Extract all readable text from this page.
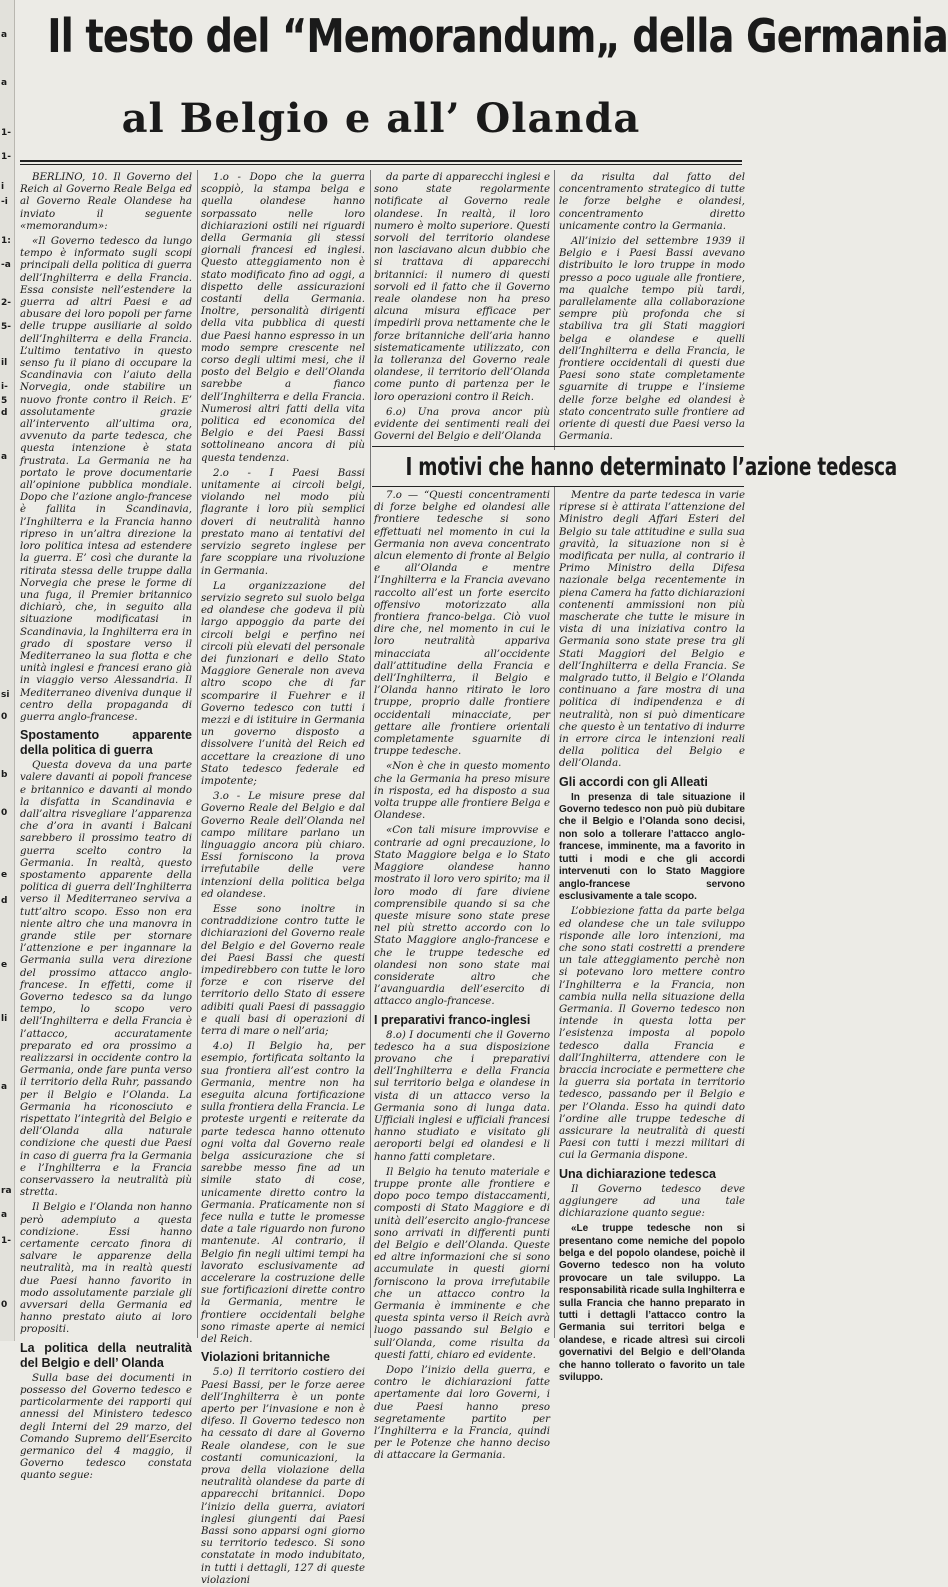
a
a
1-
1-
i
-i
1:
-a
2-
5-
il
i-
5
d
a
si
0
b
0
e
d
e
li
a
ra
a
1-
0
Il testo del “Memorandum„ della Germania
al Belgio e all’ Olanda

BERLINO, 10. Il Governo del Reich al Governo Reale Belga ed al Governo Reale Olandese ha inviato il seguente «memorandum»:

«Il Governo tedesco da lungo tempo è informato sugli scopi principali della politica di guerra dell’Inghilterra e della Francia. Essa consiste nell’estendere la guerra ad altri Paesi e ad abusare dei loro popoli per farne delle truppe ausiliarie al soldo dell’Inghilterra e della Francia. L’ultimo tentativo in questo senso fu il piano di occupare la Scandinavia con l’aiuto della Norvegia, onde stabilire un nuovo fronte contro il Reich. E’ assolutamente grazie all’intervento all’ultima ora, avvenuto da parte tedesca, che questa intenzione è stata frustrata. La Germania ne ha portato le prove documentarie all’opinione pubblica mondiale. Dopo che l’azione anglo-francese è fallita in Scandinavia, l’Inghilterra e la Francia hanno ripreso in un’altra direzione la loro politica intesa ad estendere la guerra. E’ così che durante la ritirata stessa delle truppe dalla Norvegia che prese le forme di una fuga, il Premier britannico dichiarò, che, in seguito alla situazione modificatasi in Scandinavia, la Inghilterra era in grado di spostare verso il Mediterraneo la sua flotta e che unità inglesi e francesi erano già in viaggio verso Alessandria. Il Mediterraneo diveniva dunque il centro della propaganda di guerra anglo-francese.

Spostamento apparente della politica di guerra

Questa doveva da una parte valere davanti ai popoli francese e britannico e davanti al mondo la disfatta in Scandinavia e dall’altra risvegliare l’apparenza che d’ora in avanti i Balcani sarebbero il prossimo teatro di guerra scelto contro la Germania. In realtà, questo spostamento apparente della politica di guerra dell’Inghilterra verso il Mediterraneo serviva a tutt’altro scopo. Esso non era niente altro che una manovra in grande stile per stornare l’attenzione e per ingannare la Germania sulla vera direzione del prossimo attacco anglo-francese. In effetti, come il Governo tedesco sa da lungo tempo, lo scopo vero dell’Inghilterra e della Francia è l’attacco, accuratamente preparato ed ora prossimo a realizzarsi in occidente contro la Germania, onde fare punta verso il territorio della Ruhr, passando per il Belgio e l’Olanda. La Germania ha riconosciuto e rispettato l’integrità del Belgio e dell’Olanda alla naturale condizione che questi due Paesi in caso di guerra fra la Germania e l’Inghilterra e la Francia conservassero la neutralità più stretta.

Il Belgio e l’Olanda non hanno però adempiuto a questa condizione. Essi hanno certamente cercato finora di salvare le apparenze della neutralità, ma in realtà questi due Paesi hanno favorito in modo assolutamente parziale gli avversari della Germania ed hanno prestato aiuto ai loro propositi.

La politica della neutralità del Belgio e dell’ Olanda

Sulla base dei documenti in possesso del Governo tedesco e particolarmente dei rapporti qui annessi del Ministero tedesco degli Interni del 29 marzo, del Comando Supremo dell’Esercito germanico del 4 maggio, il Governo tedesco constata quanto segue:

1.o - Dopo che la guerra scoppiò, la stampa belga e quella olandese hanno sorpassato nelle loro dichiarazioni ostili nei riguardi della Germania gli stessi giornali francesi ed inglesi. Questo atteggiamento non è stato modificato fino ad oggi, a dispetto delle assicurazioni costanti della Germania. Inoltre, personalità dirigenti della vita pubblica di questi due Paesi hanno espresso in un modo sempre crescente nel corso degli ultimi mesi, che il posto del Belgio e dell’Olanda sarebbe a fianco dell’Inghilterra e della Francia. Numerosi altri fatti della vita politica ed economica del Belgio e dei Paesi Bassi sottolineano ancora di più questa tendenza.

2.o - I Paesi Bassi unitamente ai circoli belgi, violando nel modo più flagrante i loro più semplici doveri di neutralità hanno prestato mano ai tentativi del servizio segreto inglese per fare scoppiare una rivoluzione in Germania.

La organizzazione del servizio segreto sul suolo belga ed olandese che godeva il più largo appoggio da parte dei circoli belgi e perfino nei circoli più elevati del personale dei funzionari e dello Stato Maggiore Generale non aveva altro scopo che di far scomparire il Fuehrer e il Governo tedesco con tutti i mezzi e di istituire in Germania un governo disposto a dissolvere l’unità del Reich ed accettare la creazione di uno Stato tedesco federale ed impotente;

3.o - Le misure prese dal Governo Reale del Belgio e dal Governo Reale dell’Olanda nel campo militare parlano un linguaggio ancora più chiaro. Essi forniscono la prova irrefutabile delle vere intenzioni della politica belga ed olandese.

Esse sono inoltre in contraddizione contro tutte le dichiarazioni del Governo reale del Belgio e del Governo reale dei Paesi Bassi che questi impedirebbero con tutte le loro forze e con riserve del territorio dello Stato di essere adibiti quali Paesi di passaggio e quali basi di operazioni di terra di mare o nell’aria;

4.o) Il Belgio ha, per esempio, fortificata soltanto la sua frontiera all’est contro la Germania, mentre non ha eseguita alcuna fortificazione sulla frontiera della Francia. Le proteste urgenti e reiterate da parte tedesca hanno ottenuto ogni volta dal Governo reale belga assicurazione che si sarebbe messo fine ad un simile stato di cose, unicamente diretto contro la Germania. Praticamente non si fece nulla e tutte le promesse date a tale riguardo non furono mantenute. Al contrario, il Belgio fin negli ultimi tempi ha lavorato esclusivamente ad accelerare la costruzione delle sue fortificazioni dirette contro la Germania, mentre le frontiere occidentali belghe sono rimaste aperte ai nemici del Reich.

Violazioni britanniche

5.o) Il territorio costiero dei Paesi Bassi, per le forze aeree dell’Inghilterra è un ponte aperto per l’invasione e non è difeso. Il Governo tedesco non ha cessato di dare al Governo Reale olandese, con le sue costanti comunicazioni, la prova della violazione della neutralità olandese da parte di apparecchi britannici. Dopo l’inizio della guerra, aviatori inglesi giungenti dai Paesi Bassi sono apparsi ogni giorno su territorio tedesco. Si sono constatate in modo indubitato, in tutti i dettagli, 127 di queste violazioni

da parte di apparecchi inglesi e sono state regolarmente notificate al Governo reale olandese. In realtà, il loro numero è molto superiore. Questi sorvoli del territorio olandese non lasciavano alcun dubbio che si trattava di apparecchi britannici: il numero di questi sorvoli ed il fatto che il Governo reale olandese non ha preso alcuna misura efficace per impedirli prova nettamente che le forze britanniche dell’aria hanno sistematicamente utilizzato, con la tolleranza del Governo reale olandese, il territorio dell’Olanda come punto di partenza per le loro operazioni contro il Reich.

6.o) Una prova ancor più evidente dei sentimenti reali dei Governi del Belgio e dell’Olanda

da risulta dal fatto del concentramento strategico di tutte le forze belghe e olandesi, concentramento diretto unicamente contro la Germania.

All’inizio del settembre 1939 il Belgio e i Paesi Bassi avevano distribuito le loro truppe in modo presso a poco uguale alle frontiere, ma qualche tempo più tardi, parallelamente alla collaborazione sempre più profonda che si stabiliva tra gli Stati maggiori belga e olandese e quelli dell’Inghilterra e della Francia, le frontiere occidentali di questi due Paesi sono state completamente sguarnite di truppe e l’insieme delle forze belghe ed olandesi è stato concentrato sulle frontiere ad oriente di questi due Paesi verso la Germania.

I motivi che hanno determinato l’azione tedesca

7.o — “Questi concentramenti di forze belghe ed olandesi alle frontiere tedesche si sono effettuati nel momento in cui la Germania non aveva concentrato alcun elemento di fronte al Belgio e all’Olanda e mentre l’Inghilterra e la Francia avevano raccolto all’est un forte esercito offensivo motorizzato alla frontiera franco-belga. Ciò vuol dire che, nel momento in cui le loro neutralità appariva minacciata all’occidente dall’attitudine della Francia e dell’Inghilterra, il Belgio e l’Olanda hanno ritirato le loro truppe, proprio dalle frontiere occidentali minacciate, per gettare alle frontiere orientali completamente sguarnite di truppe tedesche.

«Non è che in questo momento che la Germania ha preso misure in risposta, ed ha disposto a sua volta truppe alle frontiere Belga e Olandese.

«Con tali misure improvvise e contrarie ad ogni precauzione, lo Stato Maggiore belga e lo Stato Maggiore olandese hanno mostrato il loro vero spirito; ma il loro modo di fare diviene comprensibile quando si sa che queste misure sono state prese nel più stretto accordo con lo Stato Maggiore anglo-francese e che le truppe tedesche ed olandesi non sono state mai considerate altro che l’avanguardia dell’esercito di attacco anglo-francese.

I preparativi franco-inglesi

8.o) I documenti che il Governo tedesco ha a sua disposizione provano che i preparativi dell’Inghilterra e della Francia sul territorio belga e olandese in vista di un attacco verso la Germania sono di lunga data. Ufficiali inglesi e ufficiali francesi hanno studiato e visitato gli aeroporti belgi ed olandesi e li hanno fatti completare.

Il Belgio ha tenuto materiale e truppe pronte alle frontiere e dopo poco tempo distaccamenti, composti di Stato Maggiore e di unità dell’esercito anglo-francese sono arrivati in differenti punti del Belgio e dell’Olanda. Queste ed altre informazioni che si sono accumulate in questi giorni forniscono la prova irrefutabile che un attacco contro la Germania è imminente e che questa spinta verso il Reich avrà luogo passando sul Belgio e sull’Olanda, come risulta da questi fatti, chiaro ed evidente.

Dopo l’inizio della guerra, e contro le dichiarazioni fatte apertamente dai loro Governi, i due Paesi hanno preso segretamente partito per l’Inghilterra e la Francia, quindi per le Potenze che hanno deciso di attaccare la Germania.

Mentre da parte tedesca in varie riprese si è attirata l’attenzione del Ministro degli Affari Esteri del Belgio su tale attitudine e sulla sua gravità, la situazione non si è modificata per nulla, al contrario il Primo Ministro della Difesa nazionale belga recentemente in piena Camera ha fatto dichiarazioni contenenti ammissioni non più mascherate che tutte le misure in vista di una iniziativa contro la Germania sono state prese tra gli Stati Maggiori del Belgio e dell’Inghilterra e della Francia. Se malgrado tutto, il Belgio e l’Olanda continuano a fare mostra di una politica di indipendenza e di neutralità, non si può dimenticare che questo è un tentativo di indurre in errore circa le intenzioni reali della politica del Belgio e dell’Olanda.

Gli accordi con gli Alleati

In presenza di tale situazione il Governo tedesco non può più dubitare che il Belgio e l’Olanda sono decisi, non solo a tollerare l’attacco anglo-francese, imminente, ma a favorito in tutti i modi e che gli accordi intervenuti con lo Stato Maggiore anglo-francese servono esclusivamente a tale scopo.

L’obbiezione fatta da parte belga ed olandese che un tale sviluppo risponde alle loro intenzioni, ma che sono stati costretti a prendere un tale atteggiamento perchè non si potevano loro mettere contro l’Inghilterra e la Francia, non cambia nulla nella situazione della Germania. Il Governo tedesco non intende in questa lotta per l’esistenza imposta al popolo tedesco dalla Francia e dall’Inghilterra, attendere con le braccia incrociate e permettere che la guerra sia portata in territorio tedesco, passando per il Belgio e per l’Olanda. Esso ha quindi dato l’ordine alle truppe tedesche di assicurare la neutralità di questi Paesi con tutti i mezzi militari di cui la Germania dispone.

Una dichiarazione tedesca

Il Governo tedesco deve aggiungere ad una tale dichiarazione quanto segue:

«Le truppe tedesche non si presentano come nemiche del popolo belga e del popolo olandese, poichè il Governo tedesco non ha voluto provocare un tale sviluppo. La responsabilità ricade sulla Inghilterra e sulla Francia che hanno preparato in tutti i dettagli l’attacco contro la Germania sui territori belga e olandese, e ricade altresì sui circoli governativi del Belgio e dell’Olanda che hanno tollerato o favorito un tale sviluppo.
